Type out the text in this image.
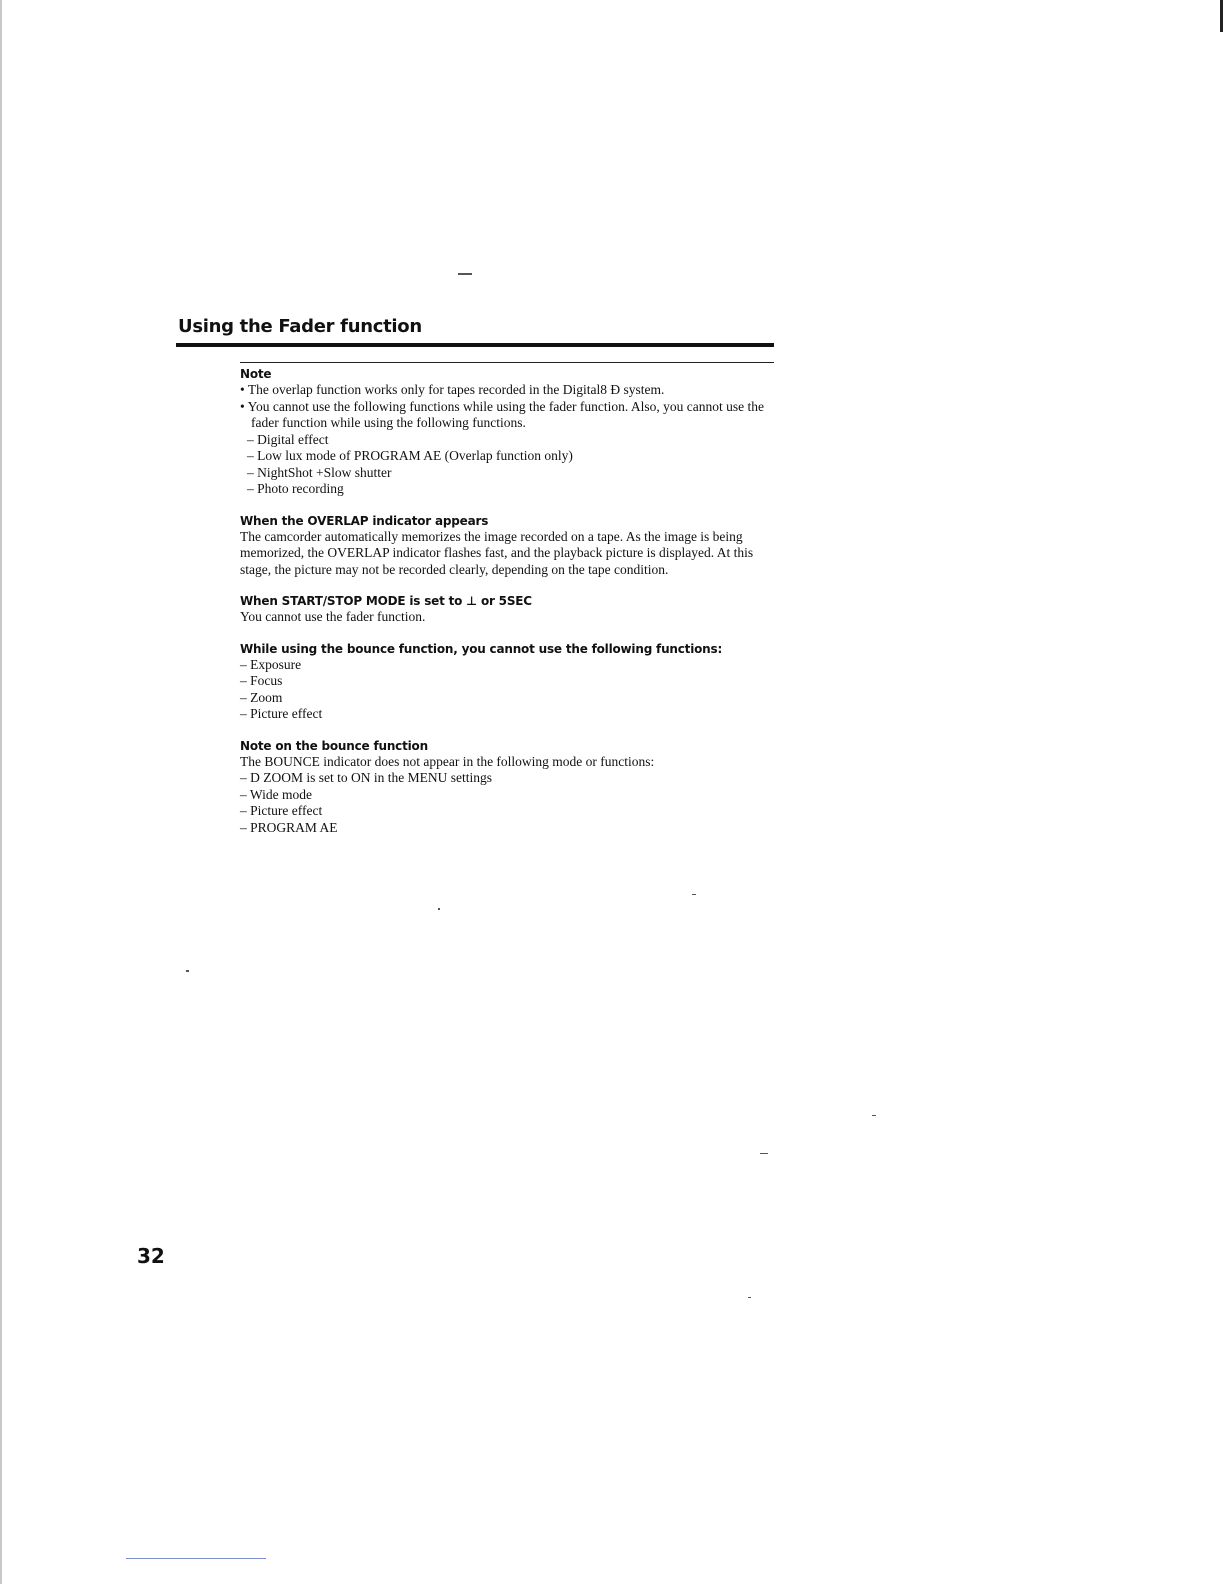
Using the Fader function
Note
• The overlap function works only for tapes recorded in the Digital8 Ð system.
• You cannot use the following functions while using the fader function. Also, you cannot use the fader function while using the following functions.
– Digital effect
– Low lux mode of PROGRAM AE (Overlap function only)
– NightShot +Slow shutter
– Photo recording
When the OVERLAP indicator appears
The camcorder automatically memorizes the image recorded on a tape. As the image is being memorized, the OVERLAP indicator flashes fast, and the playback picture is displayed. At this stage, the picture may not be recorded clearly, depending on the tape condition.
When START/STOP MODE is set to ⊥ or 5SEC
You cannot use the fader function.
While using the bounce function, you cannot use the following functions:
– Exposure
– Focus
– Zoom
– Picture effect
Note on the bounce function
The BOUNCE indicator does not appear in the following mode or functions:
– D ZOOM is set to ON in the MENU settings
– Wide mode
– Picture effect
– PROGRAM AE
32
